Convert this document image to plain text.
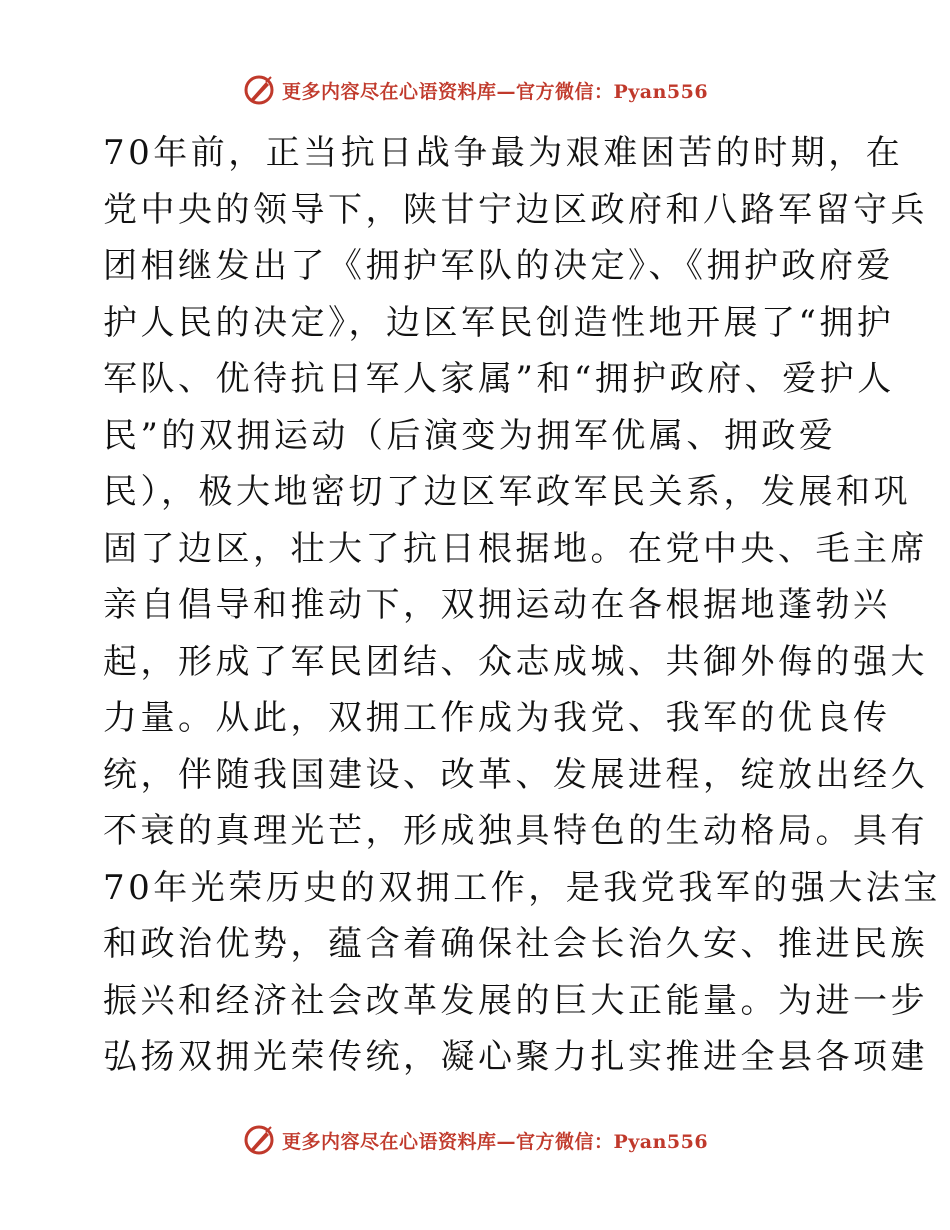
更多内容尽在心语资料库—官方微信：Pyan556
70年前，正当抗日战争最为艰难困苦的时期，在
党中央的领导下，陕甘宁边区政府和八路军留守兵
团相继发出了《拥护军队的决定》、《拥护政府爱
护人民的决定》，边区军民创造性地开展了“拥护
军队、优待抗日军人家属”和“拥护政府、爱护人
民”的双拥运动（后演变为拥军优属、拥政爱
民），极大地密切了边区军政军民关系，发展和巩
固了边区，壮大了抗日根据地。在党中央、毛主席
亲自倡导和推动下，双拥运动在各根据地蓬勃兴
起，形成了军民团结、众志成城、共御外侮的强大
力量。从此，双拥工作成为我党、我军的优良传
统，伴随我国建设、改革、发展进程，绽放出经久
不衰的真理光芒，形成独具特色的生动格局。具有
70年光荣历史的双拥工作，是我党我军的强大法宝
和政治优势，蕴含着确保社会长治久安、推进民族
振兴和经济社会改革发展的巨大正能量。为进一步
弘扬双拥光荣传统，凝心聚力扎实推进全县各项建
更多内容尽在心语资料库—官方微信：Pyan556
